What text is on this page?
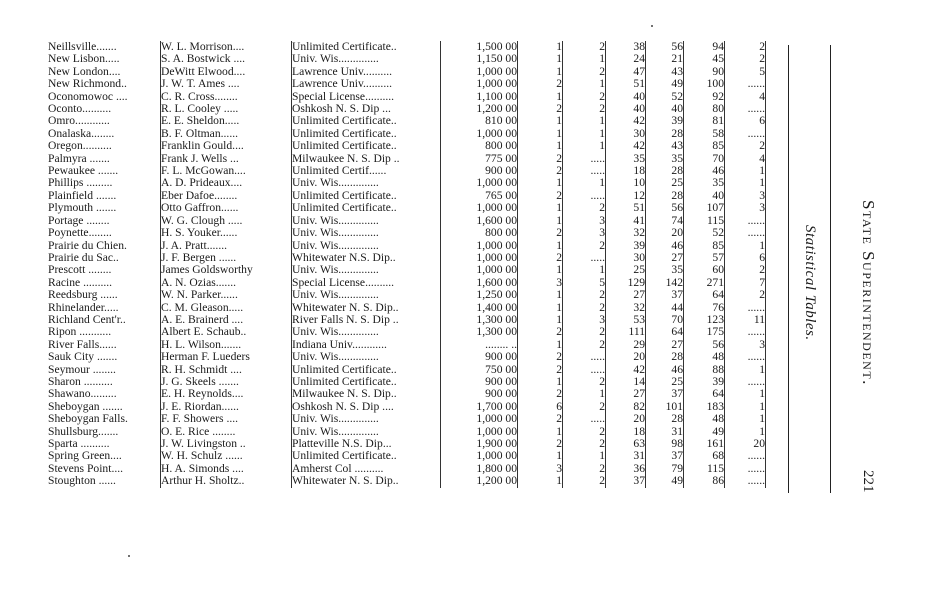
Neillsville.......	W. L. Morrison....	Unlimited Certificate..	1,500 00	1	2	38	56	94	2
New Lisbon.....	S. A. Bostwick ....	Univ. Wis..............	1,150 00	1	1	24	21	45	2
New London....	DeWitt Elwood....	Lawrence Univ..........	1,000 00	1	2	47	43	90	5
New Richmond..	J. W. T. Ames ....	Lawrence Univ..........	1,000 00	2	1	51	49	100	......
Oconomowoc ....	C. R. Cross........	Special License..........	1,100 00	1	2	40	52	92	4
Oconto..........	R. L. Cooley .....	Oshkosh N. S. Dip ...	1,200 00	2	2	40	40	80	......
Omro............	E. E. Sheldon.....	Unlimited Certificate..	810 00	1	1	42	39	81	6
Onalaska........	B. F. Oltman......	Unlimited Certificate..	1,000 00	1	1	30	28	58	......
Oregon..........	Franklin Gould....	Unlimited Certificate..	800 00	1	1	42	43	85	2
Palmyra .......	Frank J. Wells ...	Milwaukee N. S. Dip ..	775 00	2	.....	35	35	70	4
Pewaukee .......	F. L. McGowan....	Unlimited Certif......	900 00	2	.....	18	28	46	1
Phillips .........	A. D. Prideaux....	Univ. Wis..............	1,000 00	1	1	10	25	35	1
Plainfield .......	Eber Dafoe........	Unlimited Certificate..	765 00	2	.....	12	28	40	3
Plymouth .......	Otto Gaffron......	Unlimited Certificate..	1,000 00	1	2	51	56	107	3
Portage ........	W. G. Clough .....	Univ. Wis..............	1,600 00	1	3	41	74	115	......
Poynette........	H. S. Youker......	Univ. Wis..............	800 00	2	3	32	20	52	......
Prairie du Chien.	J. A. Pratt.......	Univ. Wis..............	1,000 00	1	2	39	46	85	1
Prairie du Sac..	J. F. Bergen ......	Whitewater N.S. Dip..	1,000 00	2	.....	30	27	57	6
Prescott ........	James Goldsworthy	Univ. Wis..............	1,000 00	1	1	25	35	60	2
Racine ..........	A. N. Ozias.......	Special License..........	1,600 00	3	5	129	142	271	7
Reedsburg ......	W. N. Parker......	Univ. Wis..............	1,250 00	1	2	27	37	64	2
Rhinelander.....	C. M. Gleason.....	Whitewater N. S. Dip..	1,400 00	1	2	32	44	76	......
Richland Cent'r..	A. E. Brainerd ....	River Falls N. S. Dip ..	1,300 00	1	3	53	70	123	11
Ripon ...........	Albert E. Schaub..	Univ. Wis..............	1,300 00	2	2	111	64	175	......
River Falls......	H. L. Wilson.......	Indiana Univ............	........ ..	1	2	29	27	56	3
Sauk City .......	Herman F. Lueders	Univ. Wis..............	900 00	2	.....	20	28	48	......
Seymour ........	R. H. Schmidt ....	Unlimited Certificate..	750 00	2	.....	42	46	88	1
Sharon ..........	J. G. Skeels .......	Unlimited Certificate..	900 00	1	2	14	25	39	......
Shawano.........	E. H. Reynolds....	Milwaukee N. S. Dip..	900 00	2	1	27	37	64	1
Sheboygan .......	J. E. Riordan......	Oshkosh N. S. Dip ....	1,700 00	6	2	82	101	183	1
Sheboygan Falls.	F. F. Showers ....	Univ. Wis..............	1,000 00	2	.....	20	28	48	1
Shullsburg.......	O. E. Rice ........	Univ. Wis..............	1,000 00	1	2	18	31	49	1
Sparta ..........	J. W. Livingston ..	Platteville N.S. Dip...	1,900 00	2	2	63	98	161	20
Spring Green....	W. H. Schulz ......	Unlimited Certificate..	1,000 00	1	1	31	37	68	......
Stevens Point....	H. A. Simonds ....	Amherst Col ..........	1,800 00	3	2	36	79	115	......
Stoughton ......	Arthur H. Sholtz..	Whitewater N. S. Dip..	1,200 00	1	2	37	49	86	......
Statistical Tables. State Superintendent.
221
